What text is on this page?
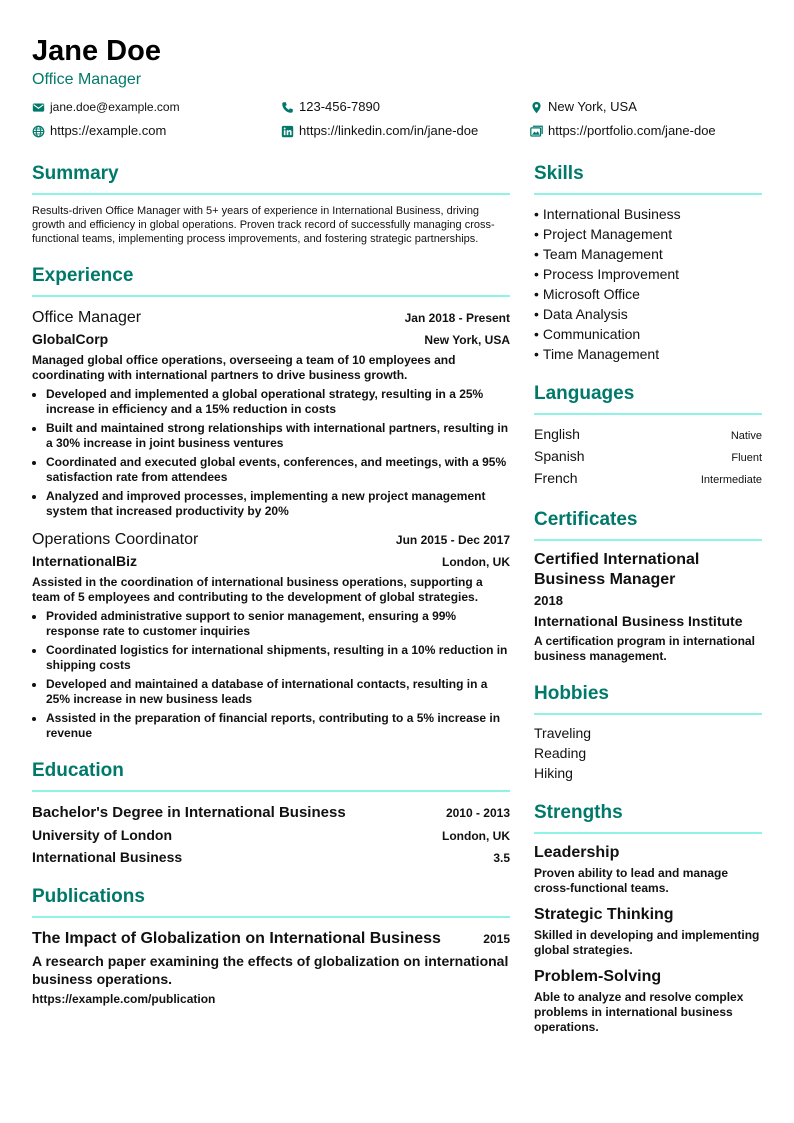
Jane Doe
Office Manager
jane.doe@example.com	123-456-7890	New York, USA
https://example.com	https://linkedin.com/in/jane-doe	https://portfolio.com/jane-doe
Summary
Results-driven Office Manager with 5+ years of experience in International Business, driving growth and efficiency in global operations. Proven track record of successfully managing cross-functional teams, implementing process improvements, and fostering strategic partnerships.
Experience
Office Manager	Jan 2018 - Present
GlobalCorp	New York, USA
Managed global office operations, overseeing a team of 10 employees and coordinating with international partners to drive business growth.
• Developed and implemented a global operational strategy, resulting in a 25% increase in efficiency and a 15% reduction in costs
• Built and maintained strong relationships with international partners, resulting in a 30% increase in joint business ventures
• Coordinated and executed global events, conferences, and meetings, with a 95% satisfaction rate from attendees
• Analyzed and improved processes, implementing a new project management system that increased productivity by 20%
Operations Coordinator	Jun 2015 - Dec 2017
InternationalBiz	London, UK
Assisted in the coordination of international business operations, supporting a team of 5 employees and contributing to the development of global strategies.
• Provided administrative support to senior management, ensuring a 99% response rate to customer inquiries
• Coordinated logistics for international shipments, resulting in a 10% reduction in shipping costs
• Developed and maintained a database of international contacts, resulting in a 25% increase in new business leads
• Assisted in the preparation of financial reports, contributing to a 5% increase in revenue
Education
Bachelor's Degree in International Business	2010 - 2013
University of London	London, UK
International Business	3.5
Publications
The Impact of Globalization on International Business	2015
A research paper examining the effects of globalization on international business operations.
https://example.com/publication
Skills
• International Business
• Project Management
• Team Management
• Process Improvement
• Microsoft Office
• Data Analysis
• Communication
• Time Management
Languages
English	Native
Spanish	Fluent
French	Intermediate
Certificates
Certified International Business Manager
2018
International Business Institute
A certification program in international business management.
Hobbies
Traveling
Reading
Hiking
Strengths
Leadership
Proven ability to lead and manage cross-functional teams.
Strategic Thinking
Skilled in developing and implementing global strategies.
Problem-Solving
Able to analyze and resolve complex problems in international business operations.
